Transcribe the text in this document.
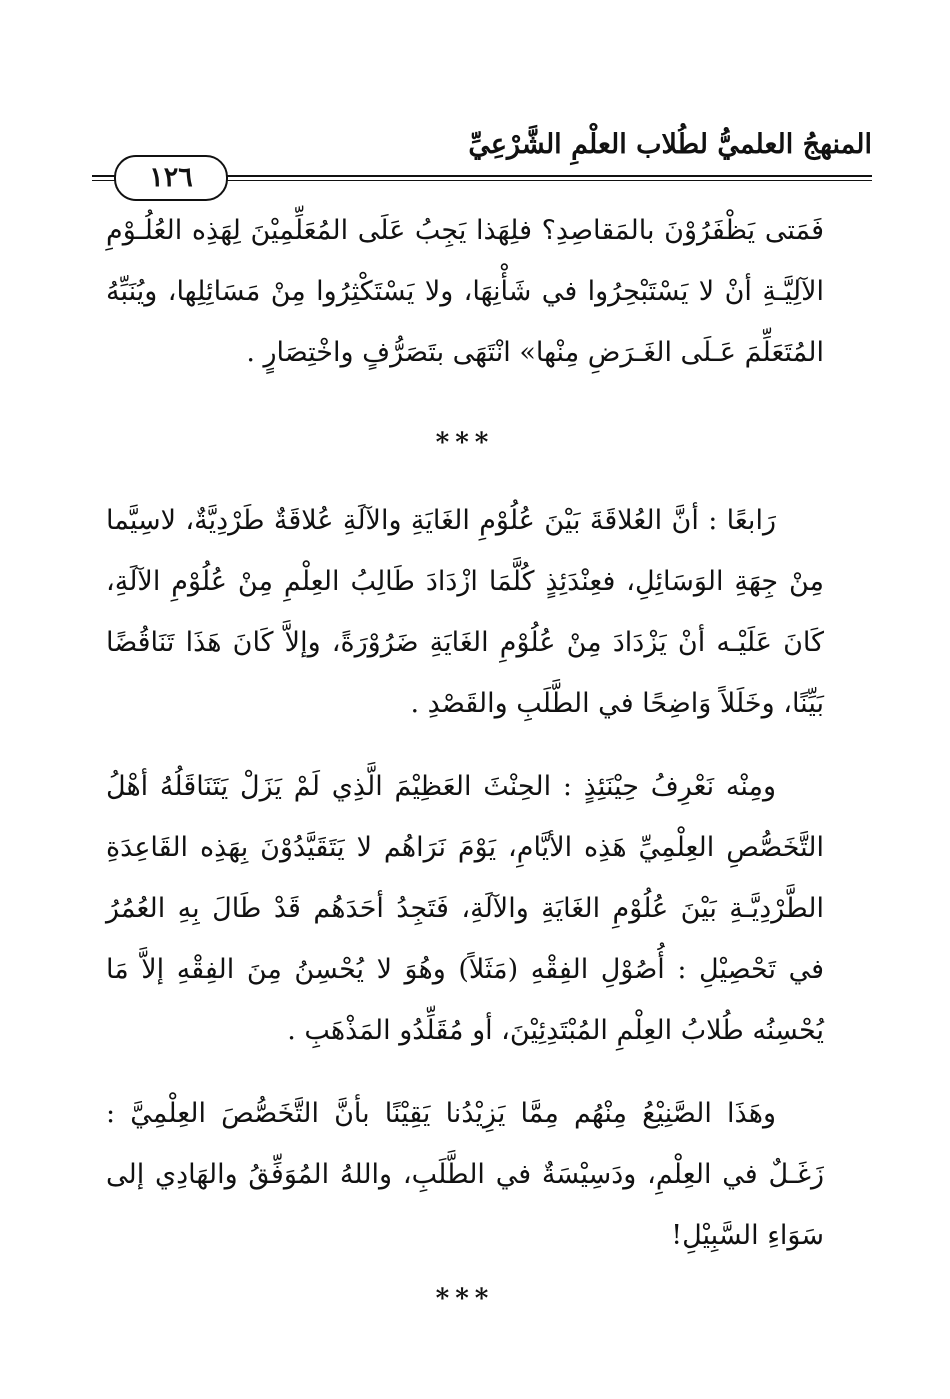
المنهجُ العلميُّ لطُلاب العلْمِ الشَّرْعِيِّ
١٢٦

فَمَتى يَظْفَرُوْنَ بالمَقاصِدِ؟ فلِهَذا يَجِبُ عَلَى المُعَلِّمِيْنَ لِهَذِه العُلُـوْمِ الآلِيَّـةِ أنْ لا يَسْتَبْحِرُوا في شَأْنِهَا، ولا يَسْتَكْثِرُوا مِنْ مَسَائِلِها، ويُنَبِّهُ المُتَعَلِّمَ عَـلَى الغَـرَضِ مِنْها» انْتَهَى بتَصَرُّفٍ واخْتِصَارٍ .

***

رَابعًا : أنَّ العُلاقَةَ بَيْنَ عُلُوْمِ الغَايَةِ والآلَةِ عُلاقَةٌ طَرْدِيَّةٌ، لاسِيَّما مِنْ جِهَةِ الوَسَائِلِ، فعِنْدَئِذٍ كُلَّمَا ازْدَادَ طَالِبُ العِلْمِ مِنْ عُلُوْمِ الآلَةِ، كَانَ عَلَيْـه أنْ يَزْدَادَ مِنْ عُلُوْمِ الغَايَةِ ضَرُوْرَةً، وإلاَّ كَانَ هَذَا تَنَاقُضًا بَيِّنًا، وخَلَلاً وَاضِحًا في الطَّلَبِ والقَصْدِ .

ومِنْه نَعْرِفُ حِيْنَئِذٍ : الحِنْثَ العَظِيْمَ الَّذِي لَمْ يَزَلْ يَتَنَاقَلُهُ أهْلُ التَّخَصُّصِ العِلْمِيِّ هَذِه الأيَّامِ، يَوْمَ نَرَاهُم لا يَتَقَيَّدُوْنَ بِهَذِه القَاعِدَةِ الطَّرْدِيَّـةِ بَيْنَ عُلُوْمِ الغَايَةِ والآلَةِ، فَتَجِدُ أحَدَهُم قَدْ طَالَ بِهِ العُمُرُ في تَحْصِيْلِ : أُصُوْلِ الفِقْهِ (مَثَلاً) وهُوَ لا يُحْسِنُ مِنَ الفِقْهِ إلاَّ مَا يُحْسِنُه طُلابُ العِلْمِ المُبْتَدِئِيْنَ، أو مُقَلِّدُو المَذْهَبِ .

وهَذَا الصَّنِيْعُ مِنْهُم مِمَّا يَزِيْدُنا يَقِيْنًا بأنَّ التَّخَصُّصَ العِلْمِيَّ : زَغَـلٌ في العِلْمِ، ودَسِيْسَةٌ في الطَّلَبِ، واللهُ المُوَفِّقُ والهَادِي إلى سَوَاءِ السَّبِيْلِ!

***
